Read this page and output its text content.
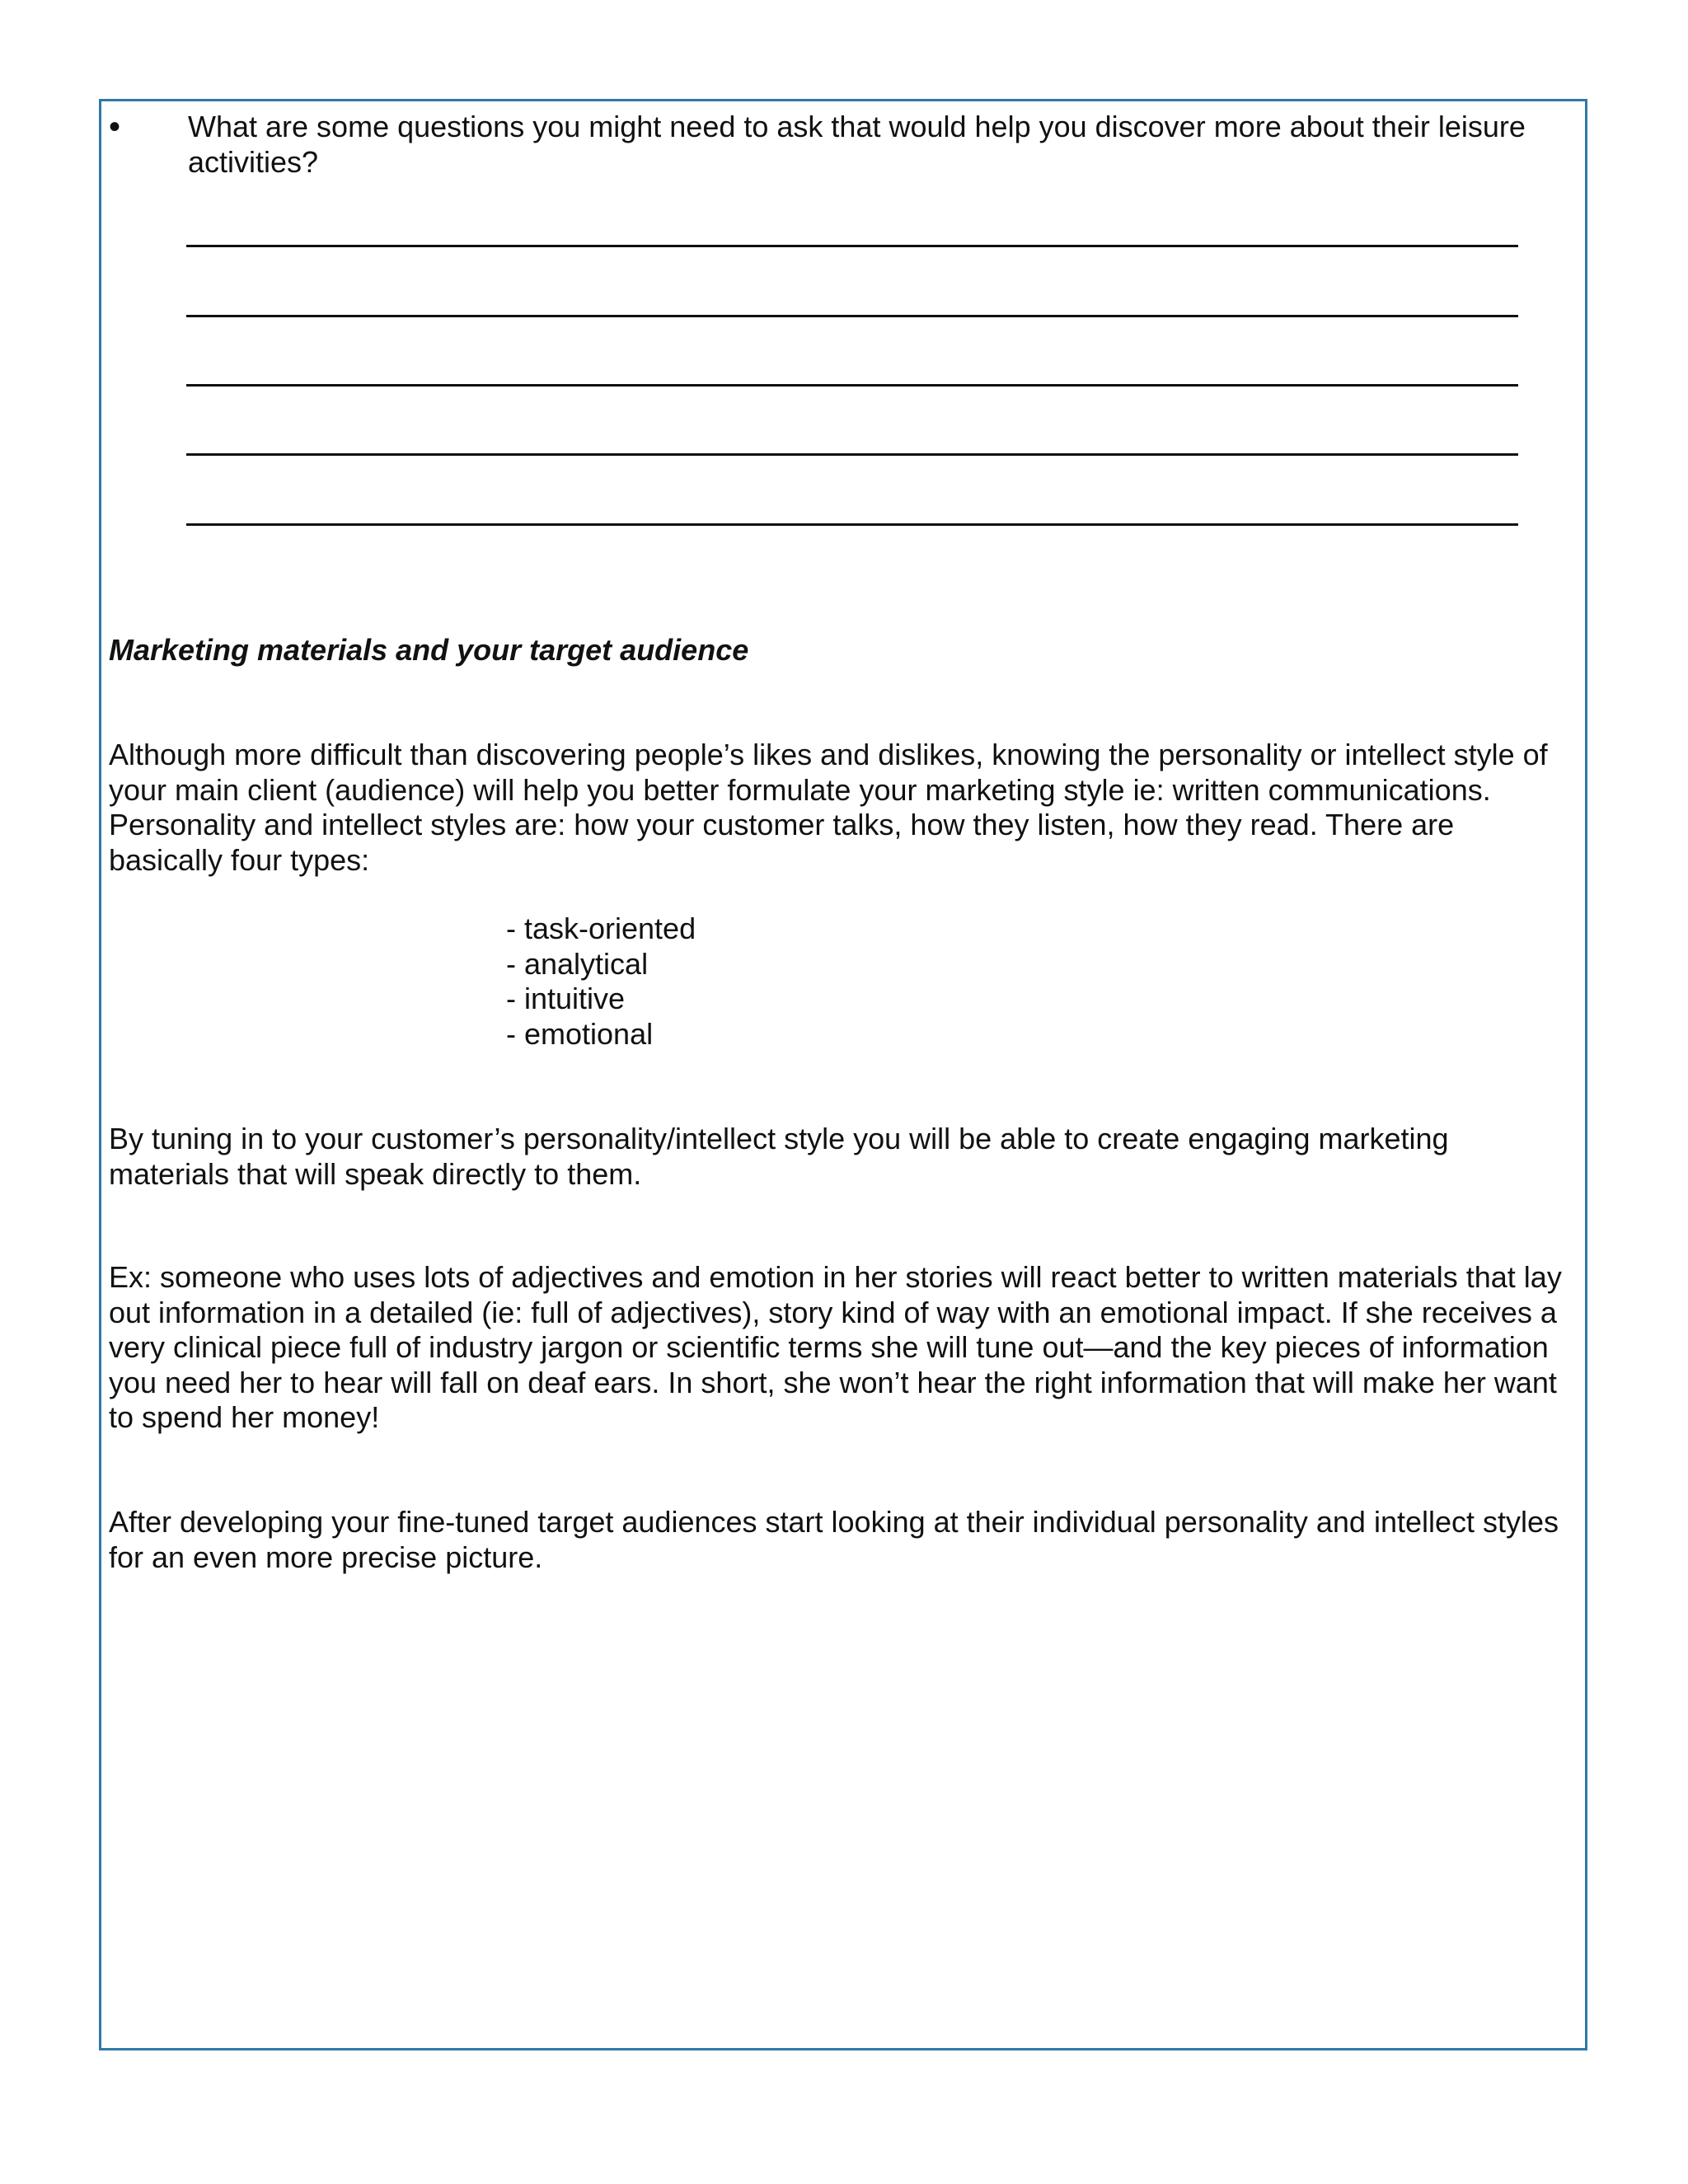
• What are some questions you might need to ask that would help you discover more about their leisure activities?
Marketing materials and your target audience

Although more difficult than discovering people’s likes and dislikes, knowing the personality or intellect style of your main client (audience) will help you better formulate your marketing style ie: written communications. Personality and intellect styles are: how your customer talks, how they listen, how they read. There are basically four types:

- task-oriented
- analytical
- intuitive
- emotional

By tuning in to your customer’s personality/intellect style you will be able to create engaging marketing materials that will speak directly to them.

Ex: someone who uses lots of adjectives and emotion in her stories will react better to written materials that lay out information in a detailed (ie: full of adjectives), story kind of way with an emotional impact. If she receives a very clinical piece full of industry jargon or scientific terms she will tune out—and the key pieces of information you need her to hear will fall on deaf ears. In short, she won’t hear the right information that will make her want to spend her money!

After developing your fine-tuned target audiences start looking at their individual personality and intellect styles for an even more precise picture.
